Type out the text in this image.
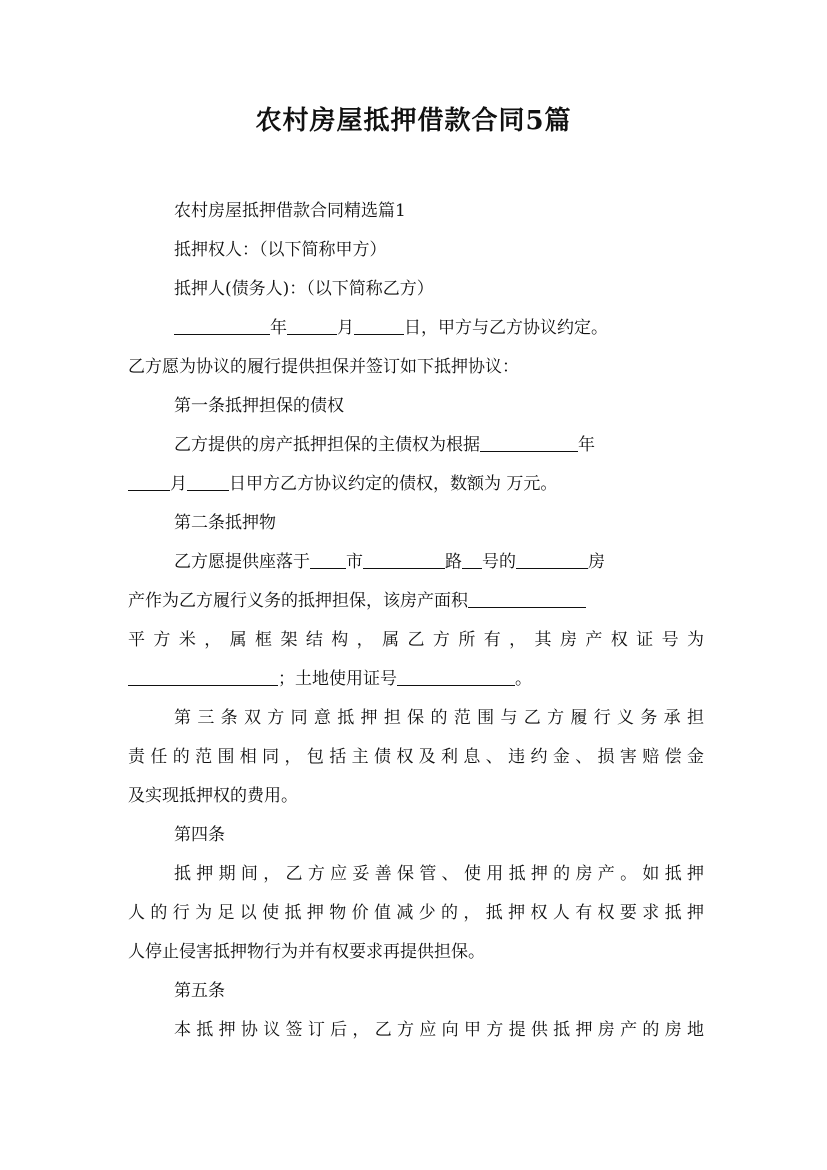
农村房屋抵押借款合同5篇
农村房屋抵押借款合同精选篇1
抵押权人：（以下简称甲方）
抵押人(债务人)：（以下简称乙方）
年	月	日，甲方与乙方协议约定。
乙方愿为协议的履行提供担保并签订如下抵押协议：
第一条抵押担保的债权
乙方提供的房产抵押担保的主债权为根据	年
月 日甲方乙方协议约定的债权，数额为 万元。
第二条抵押物
乙方愿提供座落于 市	路 号的	房
产作为乙方履行义务的抵押担保，该房产面积
平方米，属框架结构，属乙方所有，其房产权证号为
；土地使用证号	。
第三条双方同意抵押担保的范围与乙方履行义务承担
责任的范围相同，包括主债权及利息、违约金、损害赔偿金
及实现抵押权的费用。
第四条
抵押期间，乙方应妥善保管、使用抵押的房产。如抵押
人的行为足以使抵押物价值减少的，抵押权人有权要求抵押
人停止侵害抵押物行为并有权要求再提供担保。
第五条
本抵押协议签订后，乙方应向甲方提供抵押房产的房地
